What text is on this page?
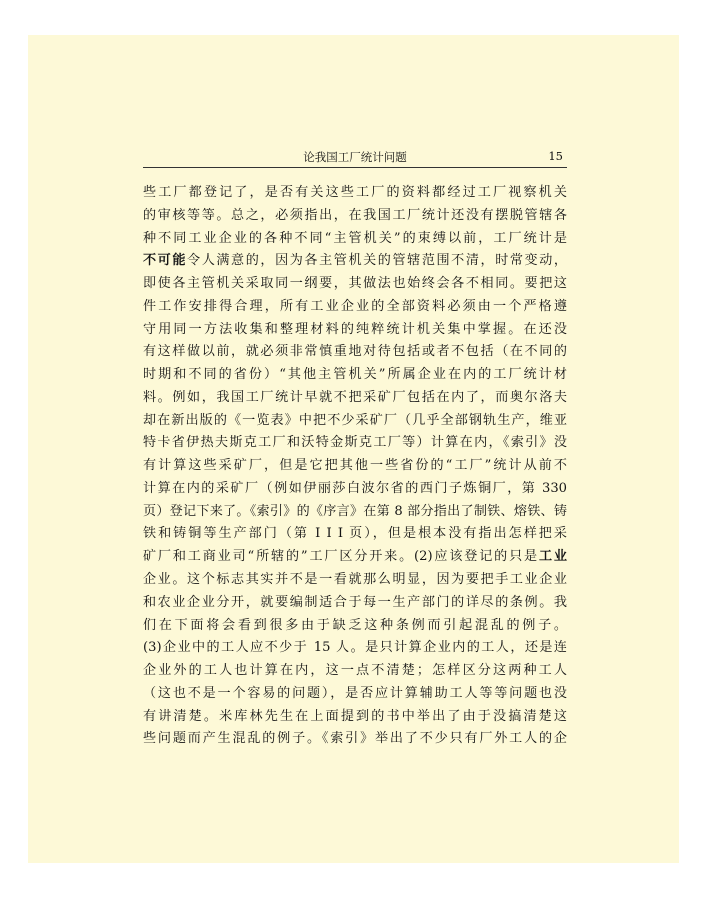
论我国工厂统计问题	15
些工厂都登记了，是否有关这些工厂的资料都经过工厂视察机关
的审核等等。总之，必须指出，在我国工厂统计还没有摆脱管辖各
种不同工业企业的各种不同“主管机关”的束缚以前，工厂统计是
不可能令人满意的，因为各主管机关的管辖范围不清，时常变动，
即使各主管机关采取同一纲要，其做法也始终会各不相同。要把这
件工作安排得合理，所有工业企业的全部资料必须由一个严格遵
守用同一方法收集和整理材料的纯粹统计机关集中掌握。在还没
有这样做以前，就必须非常慎重地对待包括或者不包括（在不同的
时期和不同的省份）“其他主管机关”所属企业在内的工厂统计材
料。例如，我国工厂统计早就不把采矿厂包括在内了，而奥尔洛夫
却在新出版的《一览表》中把不少采矿厂（几乎全部钢轨生产，维亚
特卡省伊热夫斯克工厂和沃特金斯克工厂等）计算在内，《索引》没
有计算这些采矿厂，但是它把其他一些省份的“工厂”统计从前不
计算在内的采矿厂（例如伊丽莎白波尔省的西门子炼铜厂，第 330
页）登记下来了。《索引》的《序言》在第 8 部分指出了制铁、熔铁、铸
铁和铸铜等生产部门（第 I I I 页），但是根本没有指出怎样把采
矿厂和工商业司“所辖的”工厂区分开来。(2)应该登记的只是工业
企业。这个标志其实并不是一看就那么明显，因为要把手工业企业
和农业企业分开，就要编制适合于每一生产部门的详尽的条例。我
们在下面将会看到很多由于缺乏这种条例而引起混乱的例子。
(3)企业中的工人应不少于 15 人。是只计算企业内的工人，还是连
企业外的工人也计算在内，这一点不清楚；怎样区分这两种工人
（这也不是一个容易的问题），是否应计算辅助工人等等问题也没
有讲清楚。米库林先生在上面提到的书中举出了由于没搞清楚这
些问题而产生混乱的例子。《索引》举出了不少只有厂外工人的企
